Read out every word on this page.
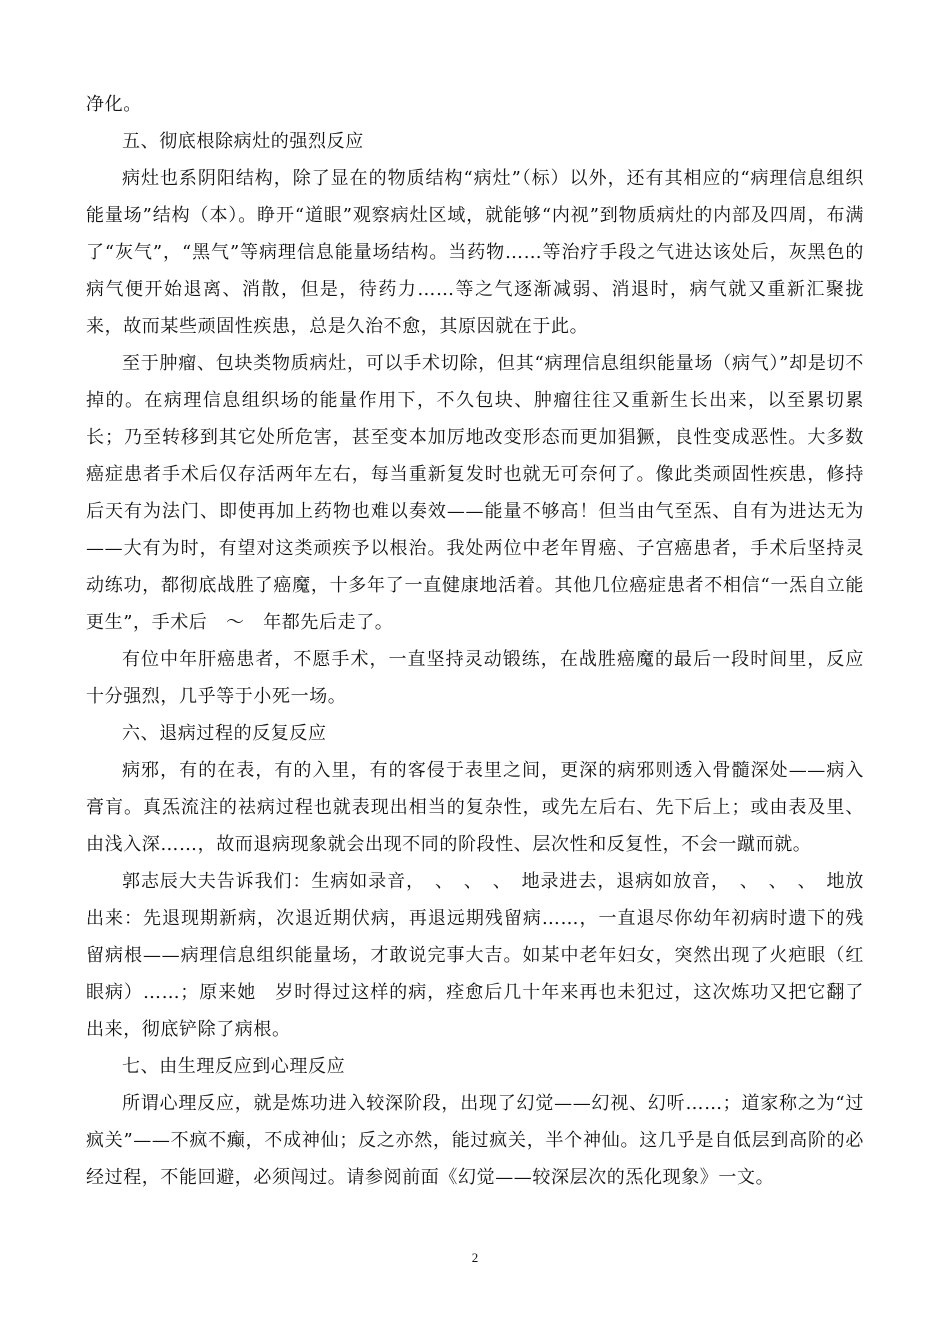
净化。

五、彻底根除病灶的强烈反应

病灶也系阴阳结构，除了显在的物质结构“病灶”（标）以外，还有其相应的“病理信息组织能量场”结构（本）。睁开“道眼”观察病灶区域，就能够“内视”到物质病灶的内部及四周，布满了“灰气”，“黑气”等病理信息能量场结构。当药物……等治疗手段之气进达该处后，灰黑色的病气便开始退离、消散，但是，待药力……等之气逐渐减弱、消退时，病气就又重新汇聚拢来，故而某些顽固性疾患，总是久治不愈，其原因就在于此。

至于肿瘤、包块类物质病灶，可以手术切除，但其“病理信息组织能量场（病气）”却是切不掉的。在病理信息组织场的能量作用下，不久包块、肿瘤往往又重新生长出来，以至累切累长；乃至转移到其它处所危害，甚至变本加厉地改变形态而更加猖獗，良性变成恶性。大多数癌症患者手术后仅存活两年左右，每当重新复发时也就无可奈何了。像此类顽固性疾患，修持后天有为法门、即使再加上药物也难以奏效——能量不够高！但当由气至炁、自有为进达无为——大有为时，有望对这类顽疾予以根治。我处两位中老年胃癌、子宫癌患者，手术后坚持灵动练功，都彻底战胜了癌魔，十多年了一直健康地活着。其他几位癌症患者不相信“一炁自立能更生”，手术后　～　年都先后走了。

有位中年肝癌患者，不愿手术，一直坚持灵动锻练，在战胜癌魔的最后一段时间里，反应十分强烈，几乎等于小死一场。

六、退病过程的反复反应

病邪，有的在表，有的入里，有的客侵于表里之间，更深的病邪则透入骨髓深处——病入膏肓。真炁流注的祛病过程也就表现出相当的复杂性，或先左后右、先下后上；或由表及里、由浅入深……，故而退病现象就会出现不同的阶段性、层次性和反复性，不会一蹴而就。

郭志辰大夫告诉我们：生病如录音，　、　、　、　地录进去，退病如放音，　、　、　、　地放出来：先退现期新病，次退近期伏病，再退远期残留病……，一直退尽你幼年初病时遗下的残留病根——病理信息组织能量场，才敢说完事大吉。如某中老年妇女，突然出现了火疤眼（红眼病）……；原来她　岁时得过这样的病，痊愈后几十年来再也未犯过，这次炼功又把它翻了出来，彻底铲除了病根。

七、由生理反应到心理反应

所谓心理反应，就是炼功进入较深阶段，出现了幻觉——幻视、幻听……；道家称之为“过疯关”——不疯不癫，不成神仙；反之亦然，能过疯关，半个神仙。这几乎是自低层到高阶的必经过程，不能回避，必须闯过。请参阅前面《幻觉——较深层次的炁化现象》一文。

2
